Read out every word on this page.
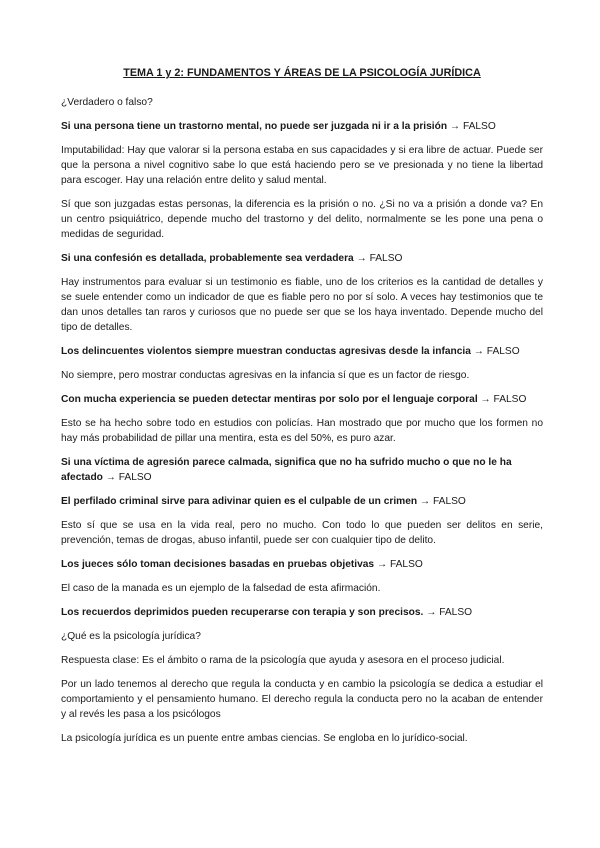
TEMA 1 y 2: FUNDAMENTOS Y ÁREAS DE LA PSICOLOGÍA JURÍDICA

¿Verdadero o falso?

Si una persona tiene un trastorno mental, no puede ser juzgada ni ir a la prisión → FALSO

Imputabilidad: Hay que valorar si la persona estaba en sus capacidades y si era libre de actuar. Puede ser que la persona a nivel cognitivo sabe lo que está haciendo pero se ve presionada y no tiene la libertad para escoger. Hay una relación entre delito y salud mental.

Sí que son juzgadas estas personas, la diferencia es la prisión o no. ¿Si no va a prisión a donde va? En un centro psiquiátrico, depende mucho del trastorno y del delito, normalmente se les pone una pena o medidas de seguridad.

Si una confesión es detallada, probablemente sea verdadera → FALSO

Hay instrumentos para evaluar si un testimonio es fiable, uno de los criterios es la cantidad de detalles y se suele entender como un indicador de que es fiable pero no por sí solo. A veces hay testimonios que te dan unos detalles tan raros y curiosos que no puede ser que se los haya inventado. Depende mucho del tipo de detalles.

Los delincuentes violentos siempre muestran conductas agresivas desde la infancia → FALSO

No siempre, pero mostrar conductas agresivas en la infancia sí que es un factor de riesgo.

Con mucha experiencia se pueden detectar mentiras por solo por el lenguaje corporal → FALSO

Esto se ha hecho sobre todo en estudios con policías. Han mostrado que por mucho que los formen no hay más probabilidad de pillar una mentira, esta es del 50%, es puro azar.

Si una víctima de agresión parece calmada, significa que no ha sufrido mucho o que no le ha afectado → FALSO

El perfilado criminal sirve para adivinar quien es el culpable de un crimen → FALSO

Esto sí que se usa en la vida real, pero no mucho. Con todo lo que pueden ser delitos en serie, prevención, temas de drogas, abuso infantil, puede ser con cualquier tipo de delito.

Los jueces sólo toman decisiones basadas en pruebas objetivas → FALSO

El caso de la manada es un ejemplo de la falsedad de esta afirmación.

Los recuerdos deprimidos pueden recuperarse con terapia y son precisos. → FALSO

¿Qué es la psicología jurídica?

Respuesta clase: Es el ámbito o rama de la psicología que ayuda y asesora en el proceso judicial.

Por un lado tenemos al derecho que regula la conducta y en cambio la psicología se dedica a estudiar el comportamiento y el pensamiento humano. El derecho regula la conducta pero no la acaban de entender y al revés les pasa a los psicólogos

La psicología jurídica es un puente entre ambas ciencias. Se engloba en lo jurídico-social.
